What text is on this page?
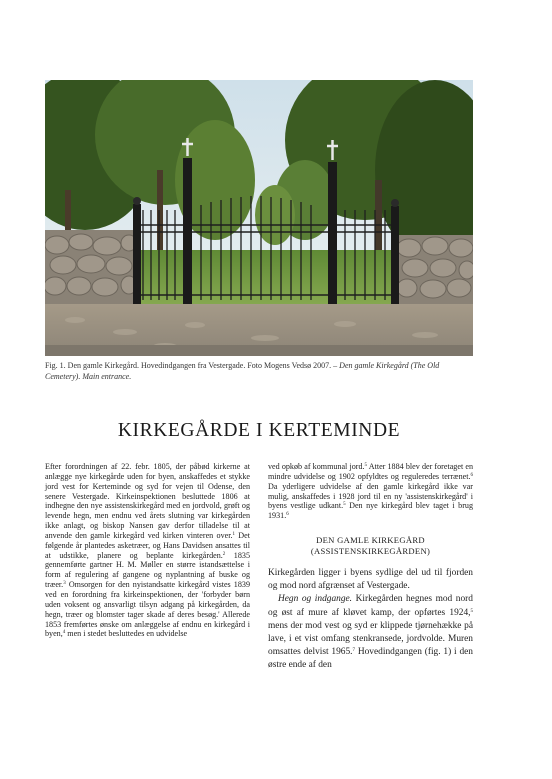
Fig. 1. Den gamle Kirkegård. Hovedindgangen fra Vestergade. Foto Mogens Vedsø 2007. – Den gamle Kirkegård (The Old Cemetery). Main entrance.
KIRKEGÅRDE I KERTEMINDE

Efter forordningen af 22. febr. 1805, der påbød kirkerne at anlægge nye kirkegårde uden for byen, anskaffedes et stykke jord vest for Kerteminde og syd for vejen til Odense, den senere Vestergade. Kirkeinspektionen besluttede 1806 at indhegne den nye assistenskirkegård med en jordvold, grøft og levende hegn, men endnu ved årets slutning var kirkegården ikke anlagt, og biskop Nansen gav derfor tilladelse til at anvende den gamle kirkegård ved kirken vinteren over.$^1$ Det følgende år plantedes asketræer, og Hans Davidsen ansattes til at udstikke, planere og beplante kirkegården.$^2$ 1835 gennemførte gartner H. M. Møller en større istandsættelse i form af regulering af gangene og nyplantning af buske og træer.$^3$ Omsorgen for den nyistandsatte kirkegård vistes 1839 ved en forordning fra kirkeinspektionen, der 'forbyder børn uden voksent og ansvarligt tilsyn adgang på kirkegården, da hegn, træer og blomster tager skade af deres besøg.' Allerede 1853 fremførtes ønske om anlæggelse af endnu en kirkegård i byen,$^4$ men i stedet besluttedes en udvidelse

ved opkøb af kommunal jord.$^5$ Atter 1884 blev der foretaget en mindre udvidelse og 1902 opfyldtes og reguleredes terrænet.$^6$ Da yderligere udvidelse af den gamle kirkegård ikke var mulig, anskaffedes i 1928 jord til en ny 'assistenskirkegård' i byens vestlige udkant.$^5$ Den nye kirkegård blev taget i brug 1931.$^6$

DEN GAMLE KIRKEGÅRD
(ASSISTENSKIRKEGÅRDEN)

Kirkegården ligger i byens sydlige del ud til fjorden og mod nord afgrænset af Vestergade.

Hegn og indgange. Kirkegården hegnes mod nord og øst af mure af kløvet kamp, der opførtes 1924,$^5$ mens der mod vest og syd er klippede tjørnehække på lave, i et vist omfang stenkransede, jordvolde. Muren omsattes delvist 1965.$^7$ Hovedindgangen (fig. 1) i den østre ende af den
